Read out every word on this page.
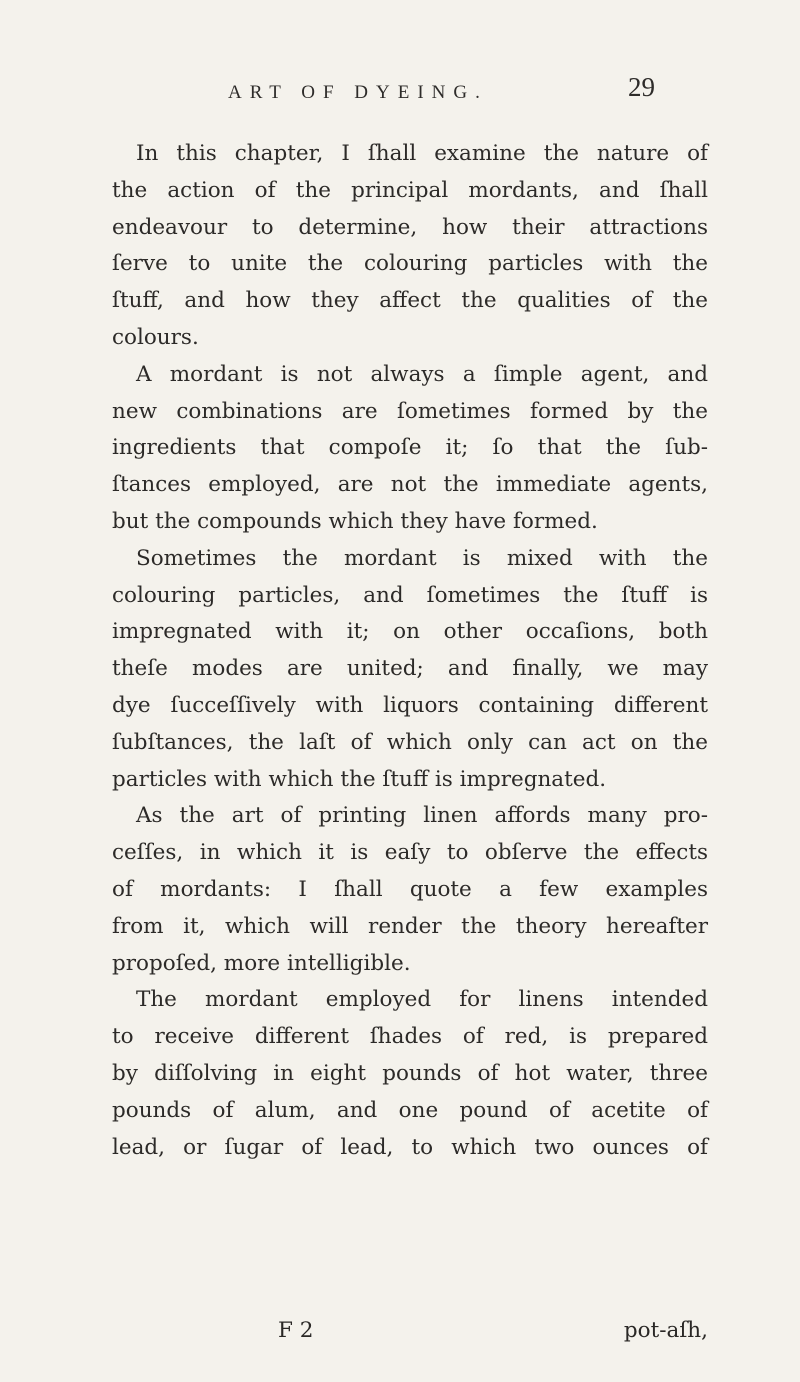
ART OF DYEING.	29
In this chapter, I ſhall examine the nature of
the action of the principal mordants, and ſhall
endeavour to determine, how their attractions
ſerve to unite the colouring particles with the
ſtuff, and how they affect the qualities of the
colours.
A mordant is not always a ſimple agent, and
new combinations are ſometimes formed by the
ingredients that compoſe it; ſo that the ſub-
ſtances employed, are not the immediate agents,
but the compounds which they have formed.
Sometimes the mordant is mixed with the
colouring particles, and ſometimes the ſtuff is
impregnated with it; on other occaſions, both
theſe modes are united; and finally, we may
dye ſucceſſively with liquors containing different
ſubſtances, the laſt of which only can act on the
particles with which the ſtuff is impregnated.
As the art of printing linen affords many pro-
ceſſes, in which it is eaſy to obſerve the effects
of mordants: I ſhall quote a few examples
from it, which will render the theory hereafter
propoſed, more intelligible.
The mordant employed for linens intended
to receive different ſhades of red, is prepared
by diſſolving in eight pounds of hot water, three
pounds of alum, and one pound of acetite of
lead, or ſugar of lead, to which two ounces of
F 2	pot-aſh,
